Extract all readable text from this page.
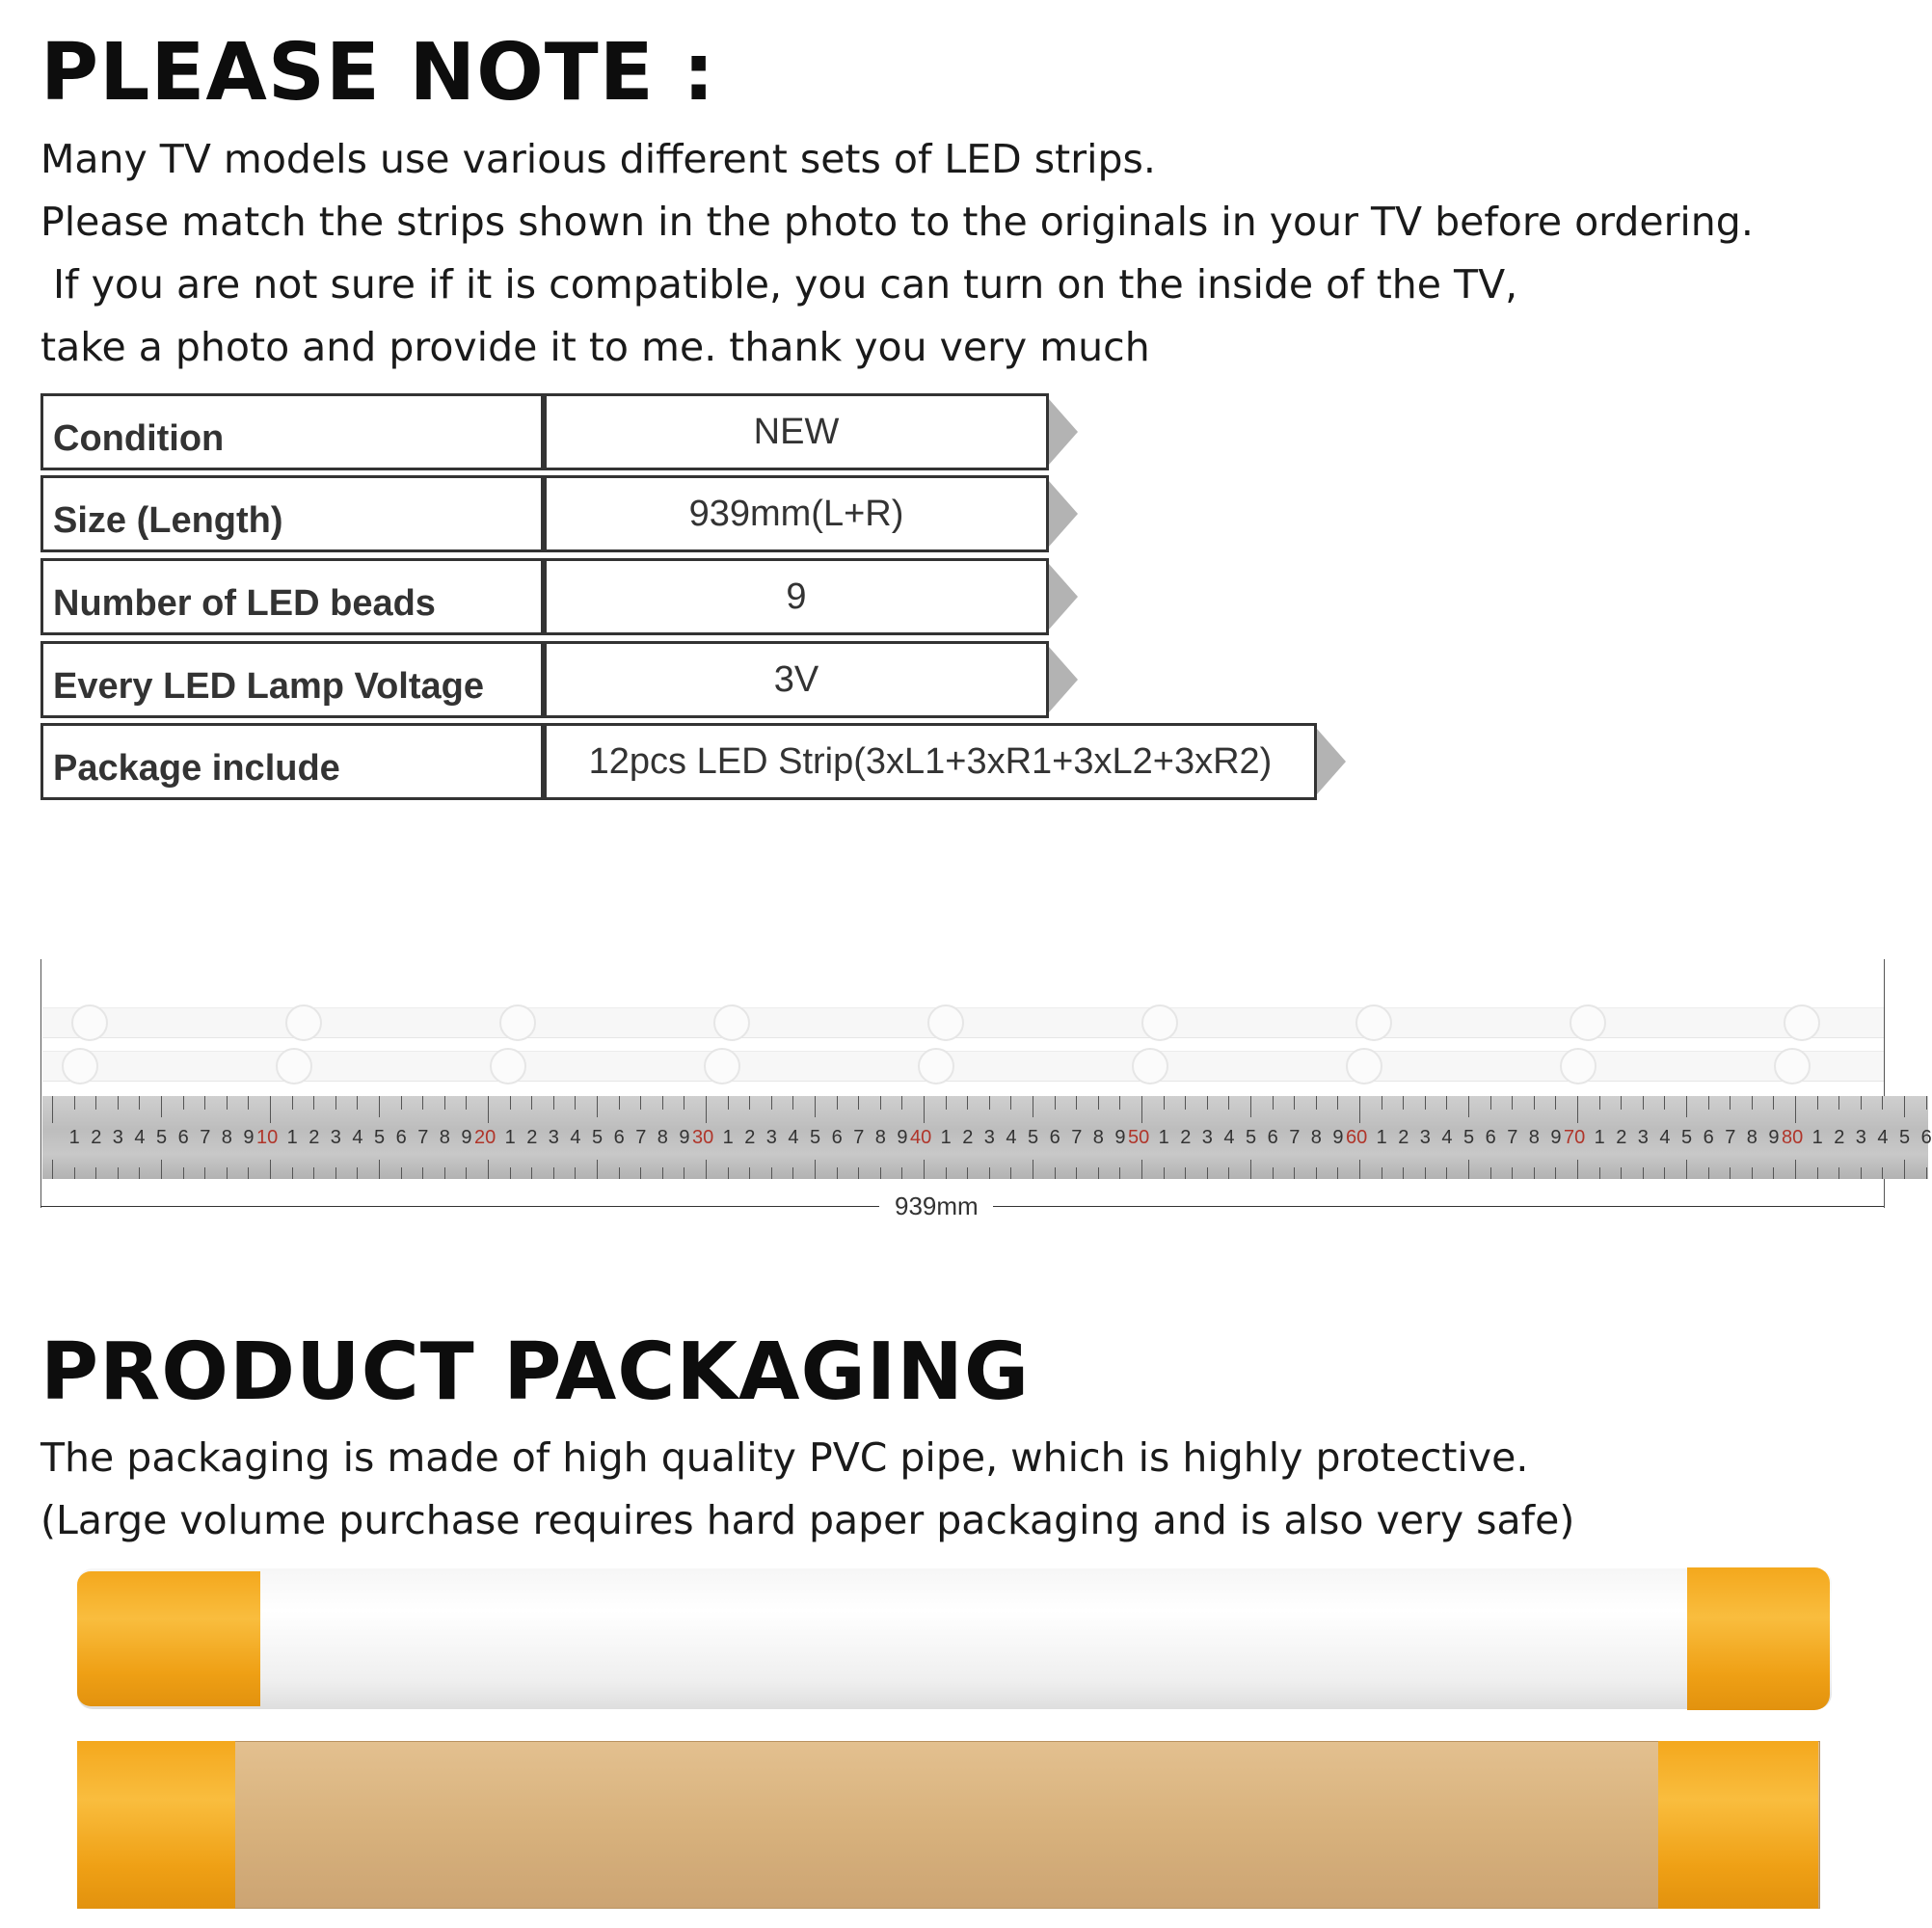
PLEASE NOTE :
Many TV models use various different sets of LED strips.
Please match the strips shown in the photo to the originals in your TV before ordering.
If you are not sure if it is compatible, you can turn on the inside of the TV,
take a photo and provide it to me. thank you very much
Condition	NEW
Size (Length)	939mm(L+R)
Number of LED beads	9
Every LED Lamp Voltage	3V
Package include	12pcs LED Strip(3xL1+3xR1+3xL2+3xR2)
1 2 3 4 5 6 7 8 9 10 1 2 3 4 5 6 7 8 9 20 1 2 3 4 5 6 7 8 9 30 1 2 3 4 5 6 7 8 9 40 1 2 3 4 5 6 7 8 9 50 1 2 3 4 5 6 7 8 9 60 1 2 3 4 5 6 7 8 9 70 1 2 3 4 5 6 7 8 9 80 1 2 3 4 5 6
939mm
PRODUCT PACKAGING
The packaging is made of high quality PVC pipe, which is highly protective.
(Large volume purchase requires hard paper packaging and is also very safe)
